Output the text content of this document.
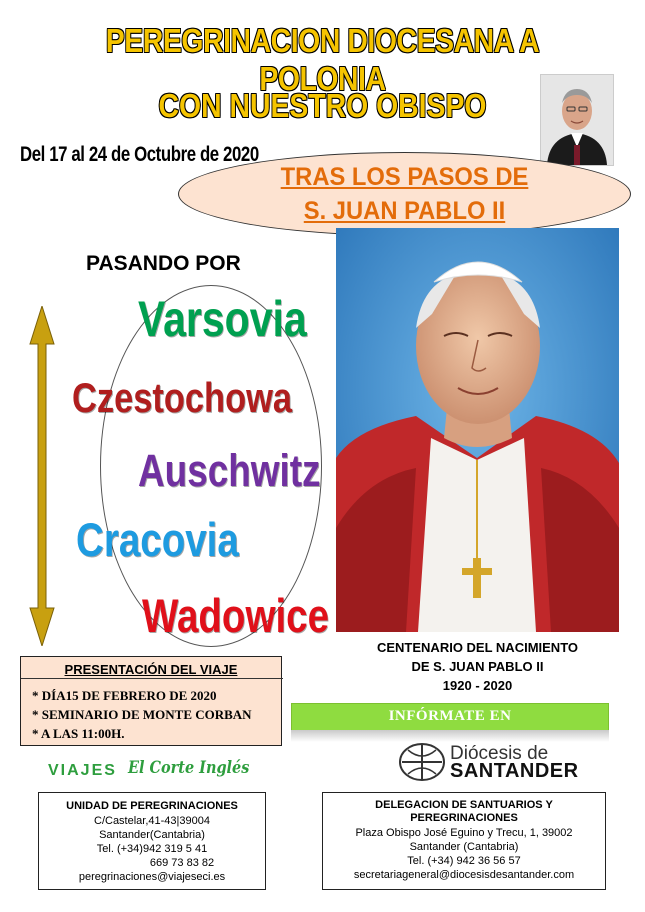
PEREGRINACION DIOCESANA A POLONIA
CON NUESTRO OBISPO
Del 17 al 24 de Octubre de 2020
TRAS LOS PASOS DE
S. JUAN PABLO II
PASANDO POR
Varsovia
Czestochowa
Auschwitz
Cracovia
Wadowice
CENTENARIO DEL NACIMIENTO
DE S. JUAN PABLO II
1920 - 2020
PRESENTACIÓN DEL VIAJE
* DÍA15 DE FEBRERO DE 2020
* SEMINARIO DE MONTE CORBAN
* A LAS 11:00H.
INFÓRMATE EN
VIAJES El Corte Inglés
Diócesis de
SANTANDER
UNIDAD DE PEREGRINACIONES
C/Castelar,41-43|39004
Santander(Cantabria)
Tel. (+34)942 319 5 41
669 73 83 82
peregrinaciones@viajeseci.es
DELEGACION DE SANTUARIOS Y
PEREGRINACIONES
Plaza Obispo José Eguino y Trecu, 1, 39002
Santander (Cantabria)
Tel. (+34) 942 36 56 57
secretariageneral@diocesisdesantander.com
